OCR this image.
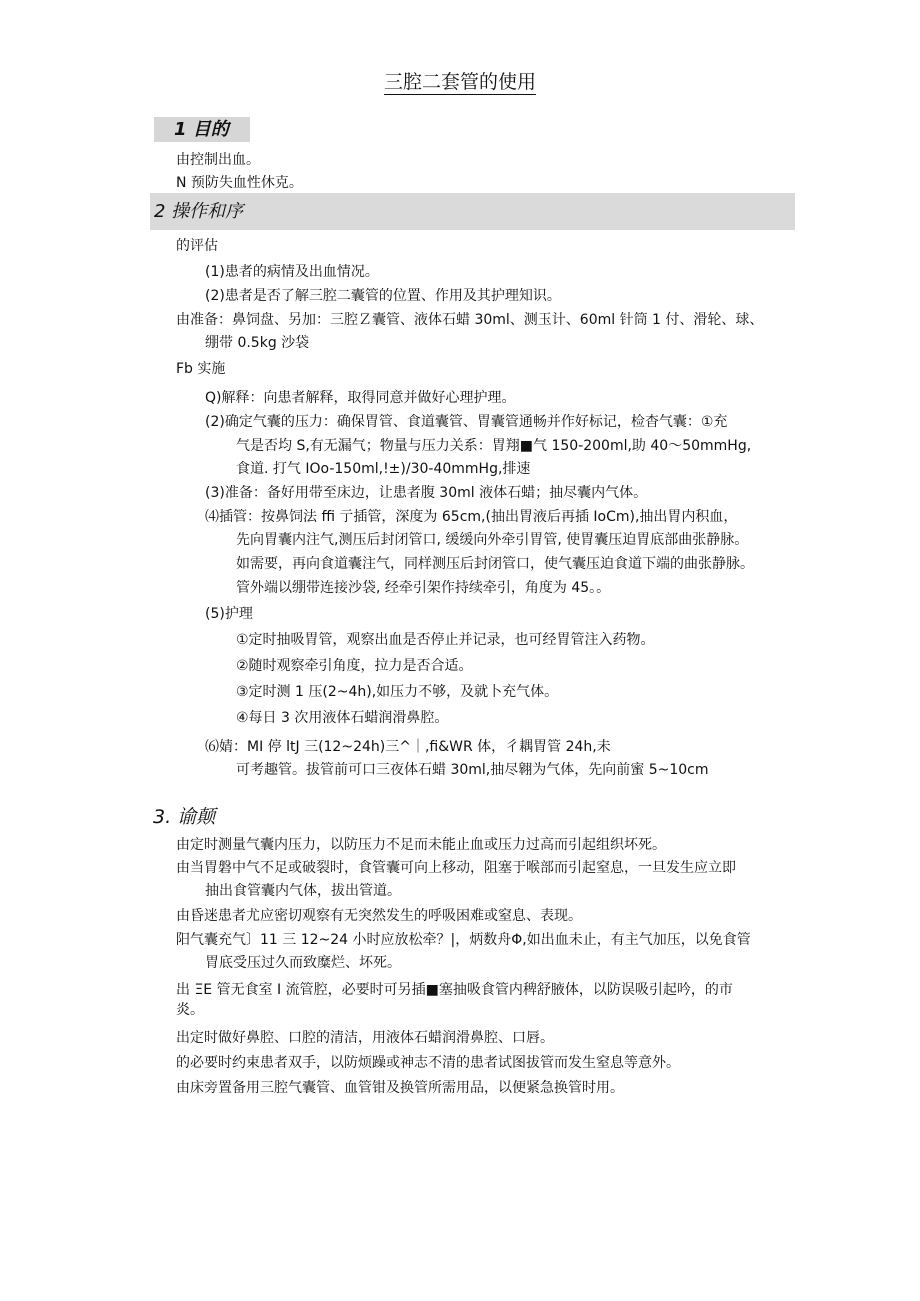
三腔二套管的使用
1 目的
由控制出血。
N 预防失血性休克。
2 操作和序
的评估
(1)患者的病情及出血情况。
(2)患者是否了解三腔二囊管的位置、作用及其护理知识。
由准备：鼻饲盘、另加：三腔Ｚ囊管、液体石蜡 30ml、测玉计、60ml 针筒 1 付、滑轮、球、
绷带 0.5kg 沙袋
Fb 实施
Q)解释：向患者解释，取得同意并做好心理护理。
(2)确定气囊的压力：确保胃管、食道囊管、胃囊管通畅并作好标记，检杳气囊：①充
气是否均 S,有无漏气；物量与压力关系：胃翔■气 150-200ml,助 40～50mmHg,
食道. 打气 IOo-150ml,!±)/30-40mmHg,排速
(3)准备：备好用带至床边，让患者腹 30ml 液体石蜡；抽尽囊内气体。
⑷插管：按鼻饲法 ffi 亍插管，深度为 65cm,(抽出胃液后再插 IoCm),抽出胃内积血，
先向胃囊内注气,测压后封闭管口, 缓缓向外牵引胃管, 使胃囊压迫胃底部曲张静脉。
如需要，再向食道囊注气，同样测压后封闭管口，使气囊压迫食道下端的曲张静脉。
管外端以绷带连接沙袋, 经牵引架作持续牵引，角度为 45。。
(5)护理
①定时抽吸胃管，观察出血是否停止并记录，也可经胃管注入药物。
②随时观察牵引角度，拉力是否合适。
③定时测 1 压(2~4h),如压力不够，及就卜充气体。
④每日 3 次用液体石蜡润滑鼻腔。
⑹婧：MI 停 ltJ 三(12~24h)三^｜,fi&WR 体，彳耦胃管 24h,未
可考趣管。拔管前可口三夜体石蜡 30ml,抽尽翱为气体，先向前蜜 5~10cm
3. 谕颠
由定时测量气囊内压力，以防压力不足而未能止血或压力过高而引起组织坏死。
由当胃磐中气不足或破裂时，食管囊可向上移动，阻塞于喉部而引起窒息，一旦发生应立即
抽出食管囊内气体，拔出管道。
由昏迷患者尤应密切观察有无突然发生的呼吸困难或窒息、表现。
阳气囊充气〕11 三 12~24 小时应放松牵？|，炳数舟Φ,如出血未止，有主气加压，以免食管
胃底受压过久而致糜烂、坏死。
出 ΞE 管无食室 I 流管腔，必要时可另插■塞抽吸食管内稗舒腋体，以防误吸引起吟，的市
炎。
出定时做好鼻腔、口腔的清洁，用液体石蜡润滑鼻腔、口唇。
的必要时约束患者双手，以防烦躁或神志不清的患者试图拔管而发生窒息等意外。
由床旁置备用三腔气囊管、血管钳及换管所需用品，以便紧急换管时用。
